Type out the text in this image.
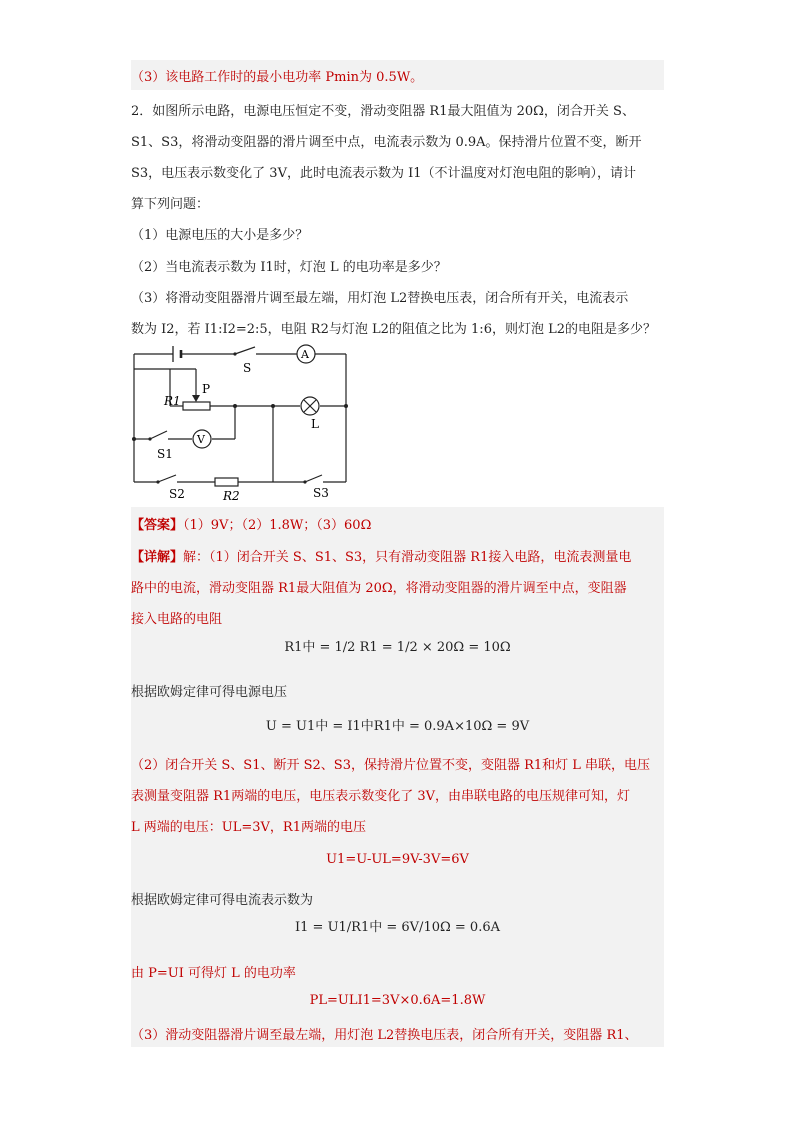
（3）该电路工作时的最小电功率 Pmin为 0.5W。
2．如图所示电路，电源电压恒定不变，滑动变阻器 R1最大阻值为 20Ω，闭合开关 S、
S1、S3，将滑动变阻器的滑片调至中点，电流表示数为 0.9A。保持滑片位置不变，断开
S3，电压表示数变化了 3V，此时电流表示数为 I1（不计温度对灯泡电阻的影响），请计
算下列问题：
（1）电源电压的大小是多少？
（2）当电流表示数为 I1时，灯泡 L 的电功率是多少？
（3）将滑动变阻器滑片调至最左端，用灯泡 L2替换电压表，闭合所有开关，电流表示
数为 I2，若 I1:I2=2:5，电阻 R2与灯泡 L2的阻值之比为 1:6，则灯泡 L2的电阻是多少？
S
A
P
R1
L
V
S1
S2	R2	S3
【答案】（1）9V；（2）1.8W；（3）60Ω
【详解】解：（1）闭合开关 S、S1、S3，只有滑动变阻器 R1接入电路，电流表测量电
路中的电流，滑动变阻器 R1最大阻值为 20Ω，将滑动变阻器的滑片调至中点，变阻器
接入电路的电阻
R1中 = 1/2 R1 = 1/2 × 20Ω = 10Ω
根据欧姆定律可得电源电压
U = U1中 = I1中R1中 = 0.9A×10Ω = 9V
（2）闭合开关 S、S1、断开 S2、S3，保持滑片位置不变，变阻器 R1和灯 L 串联，电压
表测量变阻器 R1两端的电压，电压表示数变化了 3V，由串联电路的电压规律可知，灯
L 两端的电压：UL=3V，R1两端的电压
U1=U-UL=9V-3V=6V
根据欧姆定律可得电流表示数为
I1 = U1/R1中 = 6V/10Ω = 0.6A
由 P=UI 可得灯 L 的电功率
PL=ULI1=3V×0.6A=1.8W
（3）滑动变阻器滑片调至最左端，用灯泡 L2替换电压表，闭合所有开关，变阻器 R1、
